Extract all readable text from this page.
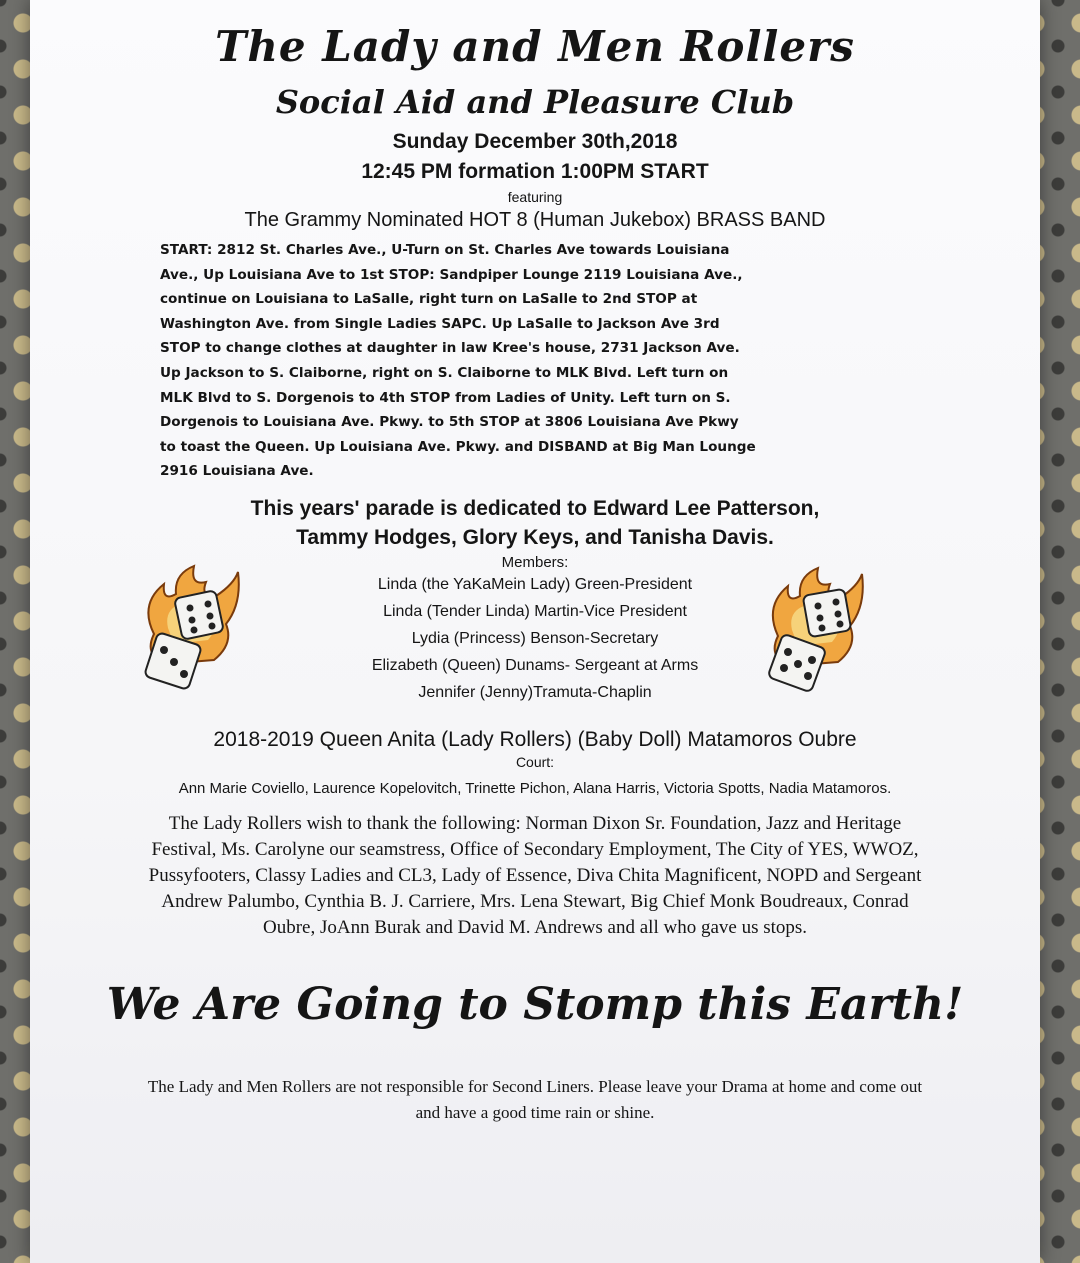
The Lady and Men Rollers
Social Aid and Pleasure Club
Sunday December 30th,2018
12:45 PM formation 1:00PM START
featuring
The Grammy Nominated HOT 8 (Human Jukebox) BRASS BAND
START: 2812 St. Charles Ave., U-Turn on St. Charles Ave towards Louisiana
Ave., Up Louisiana Ave to 1st STOP: Sandpiper Lounge 2119 Louisiana Ave.,
continue on Louisiana to LaSalle, right turn on LaSalle to 2nd STOP at
Washington Ave. from Single Ladies SAPC. Up LaSalle to Jackson Ave 3rd
STOP to change clothes at daughter in law Kree's house, 2731 Jackson Ave.
Up Jackson to S. Claiborne, right on S. Claiborne to MLK Blvd. Left turn on
MLK Blvd to S. Dorgenois to 4th STOP from Ladies of Unity. Left turn on S.
Dorgenois to Louisiana Ave. Pkwy. to 5th STOP at 3806 Louisiana Ave Pkwy
to toast the Queen. Up Louisiana Ave. Pkwy. and DISBAND at Big Man Lounge
2916 Louisiana Ave.
This years' parade is dedicated to Edward Lee Patterson,
Tammy Hodges, Glory Keys, and Tanisha Davis.
Members:
Linda (the YaKaMein Lady) Green-President
Linda (Tender Linda) Martin-Vice President
Lydia (Princess) Benson-Secretary
Elizabeth (Queen) Dunams- Sergeant at Arms
Jennifer (Jenny)Tramuta-Chaplin
2018-2019 Queen Anita (Lady Rollers) (Baby Doll) Matamoros Oubre
Court:
Ann Marie Coviello, Laurence Kopelovitch, Trinette Pichon, Alana Harris, Victoria Spotts, Nadia Matamoros.
The Lady Rollers wish to thank the following: Norman Dixon Sr. Foundation, Jazz and Heritage
Festival, Ms. Carolyne our seamstress, Office of Secondary Employment, The City of YES, WWOZ,
Pussyfooters, Classy Ladies and CL3, Lady of Essence, Diva Chita Magnificent, NOPD and Sergeant
Andrew Palumbo, Cynthia B. J. Carriere, Mrs. Lena Stewart, Big Chief Monk Boudreaux, Conrad
Oubre, JoAnn Burak and David M. Andrews and all who gave us stops.
We Are Going to Stomp this Earth!
The Lady and Men Rollers are not responsible for Second Liners. Please leave your Drama at home and come out
and have a good time rain or shine.
